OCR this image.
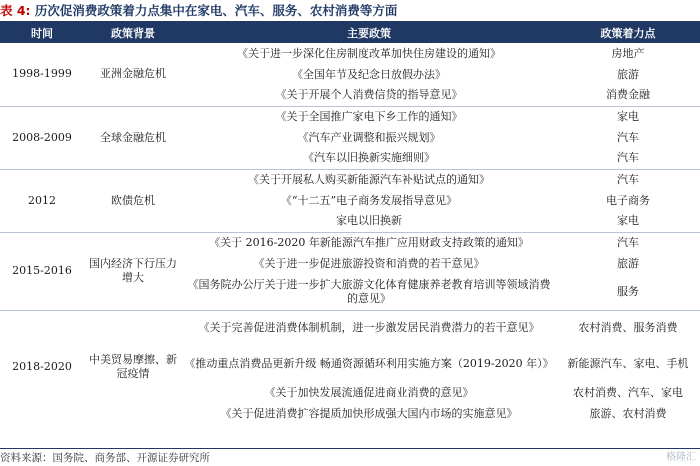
表 4: 历次促消费政策着力点集中在家电、汽车、服务、农村消费等方面
时间	政策背景	主要政策	政策着力点
1998-1999	亚洲金融危机	《关于进一步深化住房制度改革加快住房建设的通知》	房地产
		《全国年节及纪念日放假办法》	旅游
		《关于开展个人消费信贷的指导意见》	消费金融
2008-2009	全球金融危机	《关于全国推广家电下乡工作的通知》	家电
		《汽车产业调整和振兴规划》	汽车
		《汽车以旧换新实施细则》	汽车
2012	欧债危机	《关于开展私人购买新能源汽车补贴试点的通知》	汽车
		《“十二五”电子商务发展指导意见》	电子商务
		家电以旧换新	家电
2015-2016	国内经济下行压力增大	《关于 2016-2020 年新能源汽车推广应用财政支持政策的通知》	汽车
		《关于进一步促进旅游投资和消费的若干意见》	旅游
		《国务院办公厅关于进一步扩大旅游文化体育健康养老教育培训等领域消费的意见》	服务
2018-2020	中美贸易摩擦、新冠疫情	《关于完善促进消费体制机制，进一步激发居民消费潜力的若干意见》	农村消费、服务消费
		《推动重点消费品更新升级 畅通资源循环利用实施方案（2019-2020 年）》	新能源汽车、家电、手机
		《关于加快发展流通促进商业消费的意见》	农村消费、汽车、家电
		《关于促进消费扩容提质加快形成强大国内市场的实施意见》	旅游、农村消费
资料来源：国务院、商务部、开源证券研究所	格隆汇
